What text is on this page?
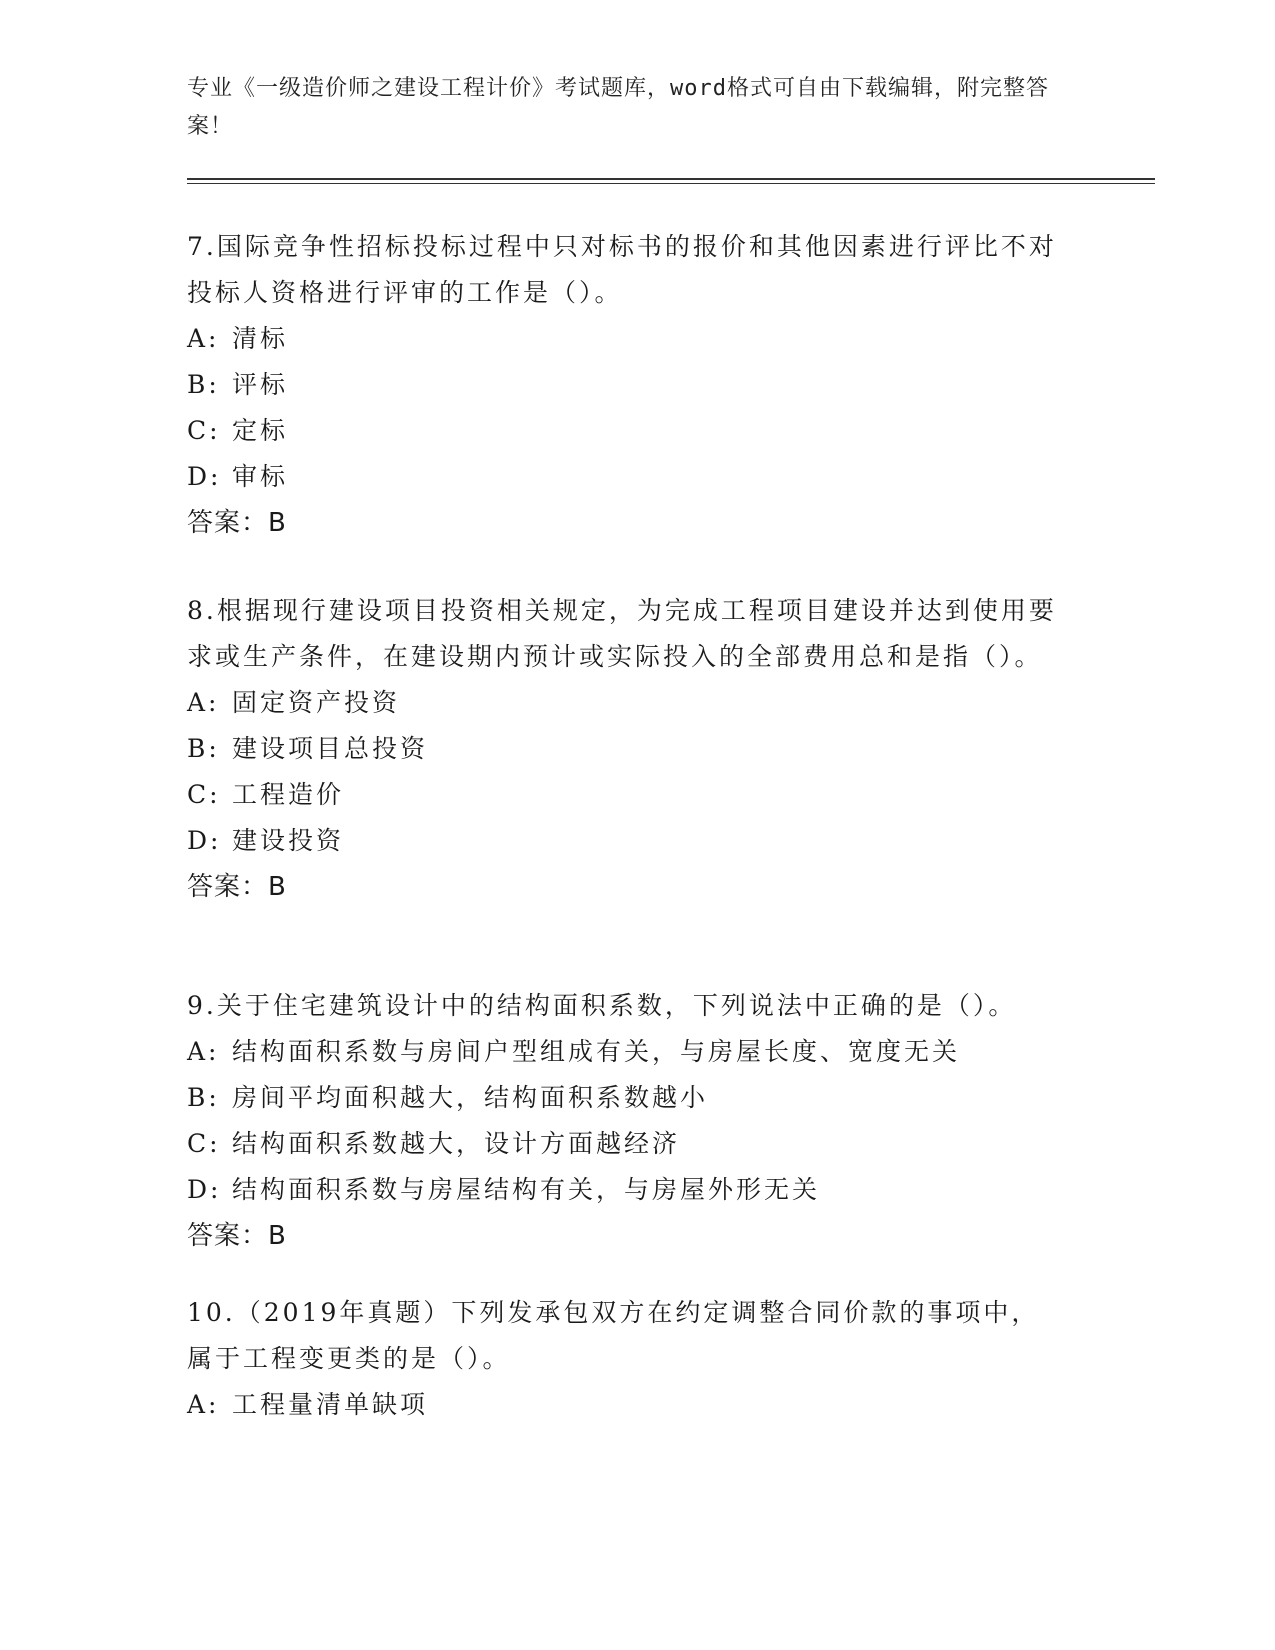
专业《一级造价师之建设工程计价》考试题库，word格式可自由下载编辑，附完整答案！

7.国际竞争性招标投标过程中只对标书的报价和其他因素进行评比不对投标人资格进行评审的工作是（）。

A: 清标

B: 评标

C: 定标

D: 审标

答案：B

8.根据现行建设项目投资相关规定，为完成工程项目建设并达到使用要求或生产条件，在建设期内预计或实际投入的全部费用总和是指（）。

A: 固定资产投资

B: 建设项目总投资

C: 工程造价

D: 建设投资

答案：B

9.关于住宅建筑设计中的结构面积系数，下列说法中正确的是（）。

A: 结构面积系数与房间户型组成有关，与房屋长度、宽度无关

B: 房间平均面积越大，结构面积系数越小

C: 结构面积系数越大，设计方面越经济

D: 结构面积系数与房屋结构有关，与房屋外形无关

答案：B

10.（2019年真题）下列发承包双方在约定调整合同价款的事项中，属于工程变更类的是（）。

A: 工程量清单缺项
